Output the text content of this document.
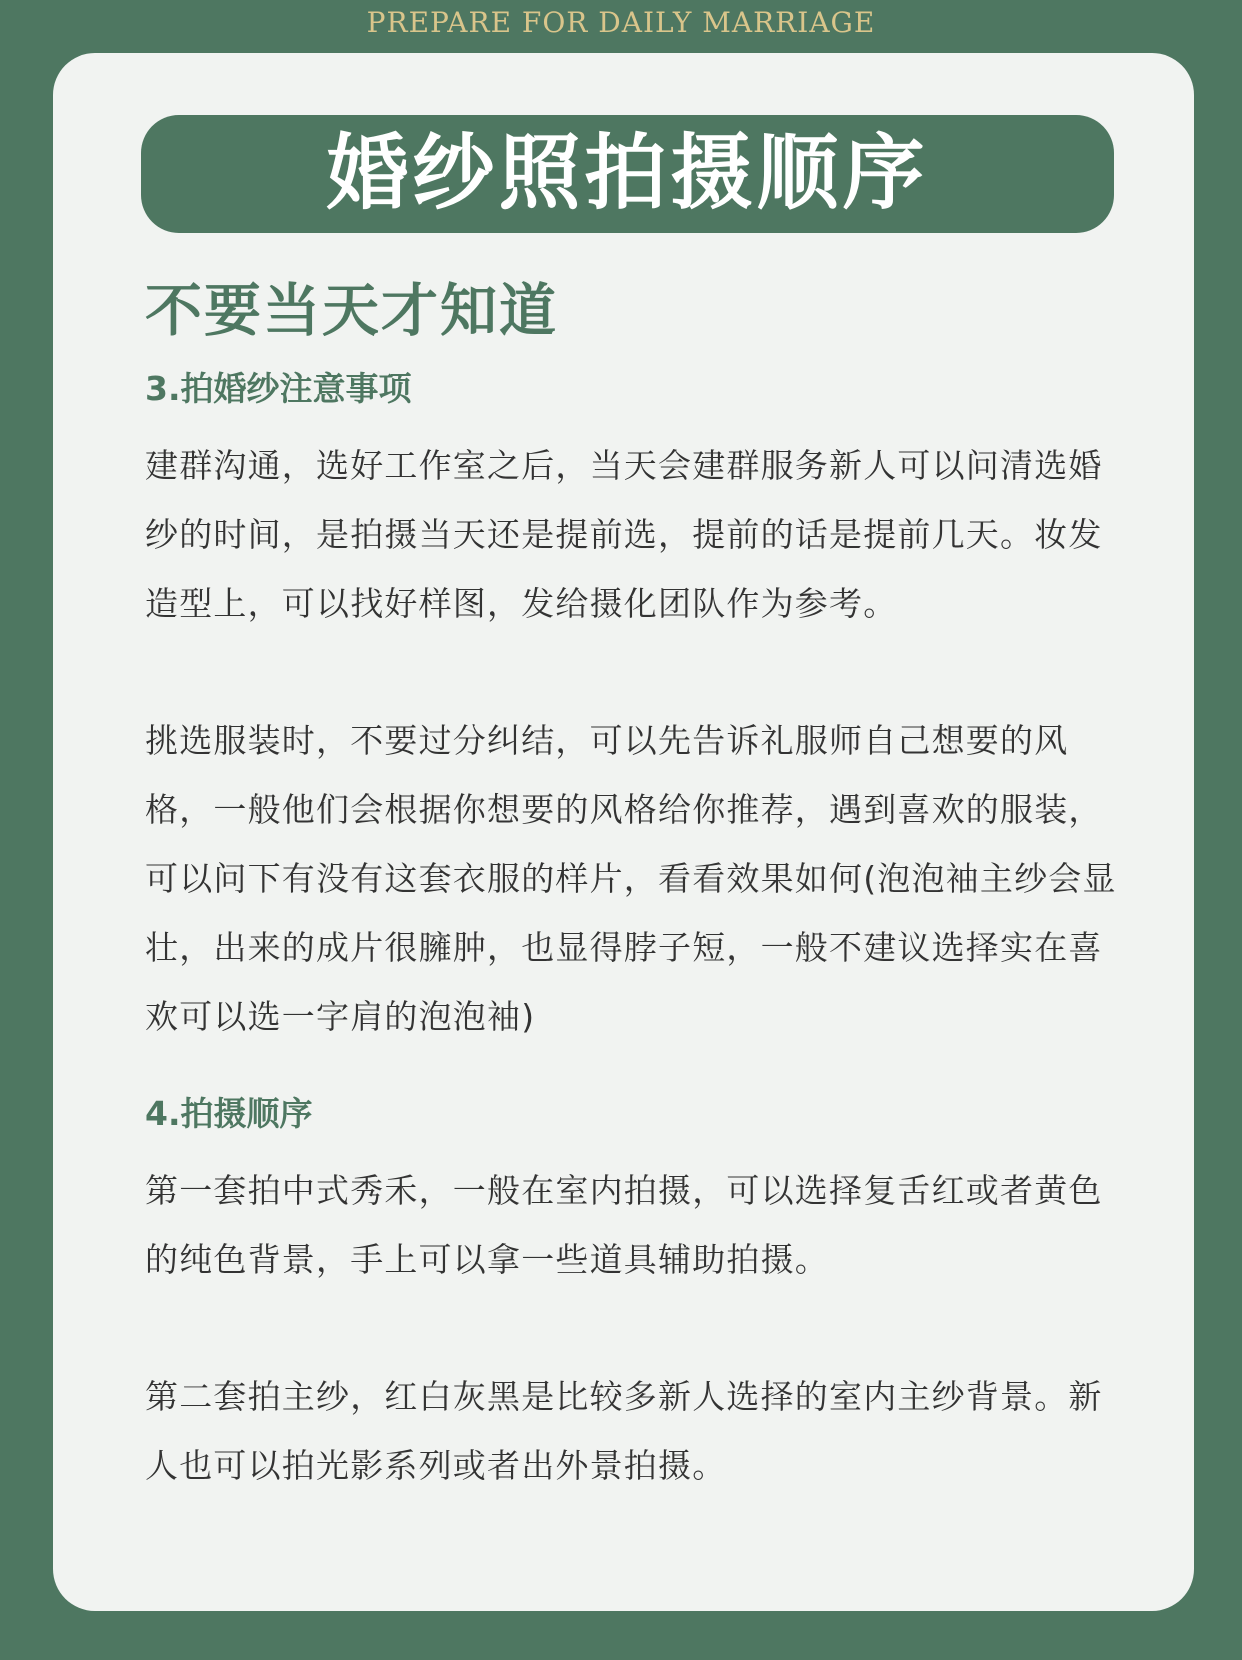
PREPARE FOR DAILY MARRIAGE
婚纱照拍摄顺序

不要当天才知道

3.拍婚纱注意事项

建群沟通，选好工作室之后，当天会建群服务新人可以问清选婚纱的时间，是拍摄当天还是提前选，提前的话是提前几天。妆发造型上，可以找好样图，发给摄化团队作为参考。

挑选服装时，不要过分纠结，可以先告诉礼服师自己想要的风格，一般他们会根据你想要的风格给你推荐，遇到喜欢的服装，可以问下有没有这套衣服的样片，看看效果如何(泡泡袖主纱会显壮，出来的成片很臃肿，也显得脖子短，一般不建议选择实在喜欢可以选一字肩的泡泡袖)

4.拍摄顺序

第一套拍中式秀禾，一般在室内拍摄，可以选择复舌红或者黄色的纯色背景，手上可以拿一些道具辅助拍摄。

第二套拍主纱，红白灰黑是比较多新人选择的室内主纱背景。新人也可以拍光影系列或者出外景拍摄。
